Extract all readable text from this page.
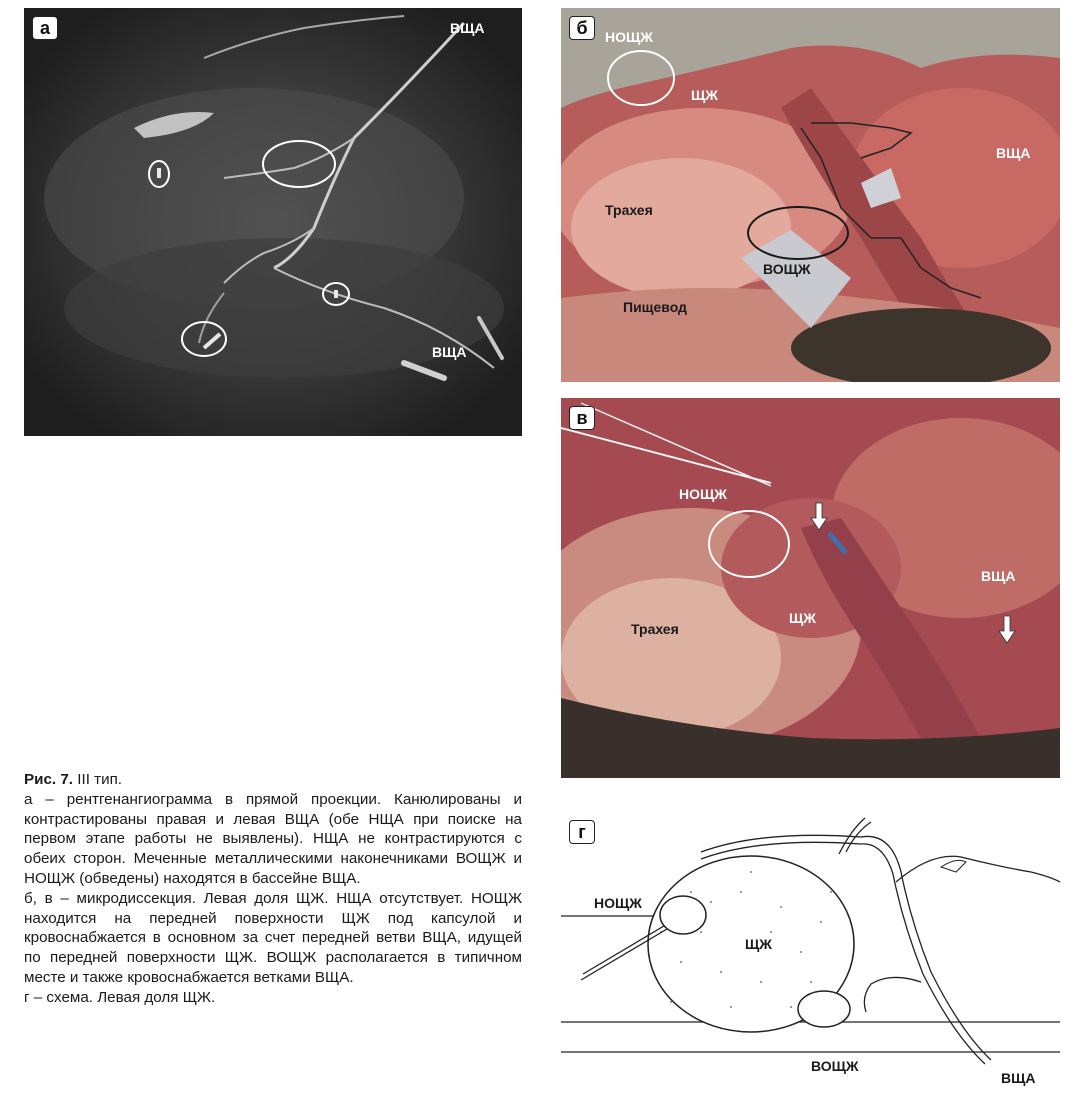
а	ВЩА
ВЩА
б	НОЩЖ
ЩЖ
ВЩА
Трахея
ВОЩЖ
Пищевод
в
НОЩЖ
ВЩА
Трахея
ЩЖ
г
НОЩЖ
ЩЖ
ВОЩЖ
ВЩА

Рис. 7. III тип.

а – рентгенангиограмма в прямой проекции. Канюлированы и контрастированы правая и левая ВЩА (обе НЩА при поиске на первом этапе работы не выявлены). НЩА не контрастируются с обеих сторон. Меченные металлическими наконечниками ВОЩЖ и НОЩЖ (обведены) находятся в бассейне ВЩА.

б, в – микродиссекция. Левая доля ЩЖ. НЩА отсутствует. НОЩЖ находится на передней поверхности ЩЖ под капсулой и кровоснабжается в основном за счет передней ветви ВЩА, идущей по передней поверхности ЩЖ. ВОЩЖ располагается в типичном месте и также кровоснабжается ветками ВЩА.

г – схема. Левая доля ЩЖ.
